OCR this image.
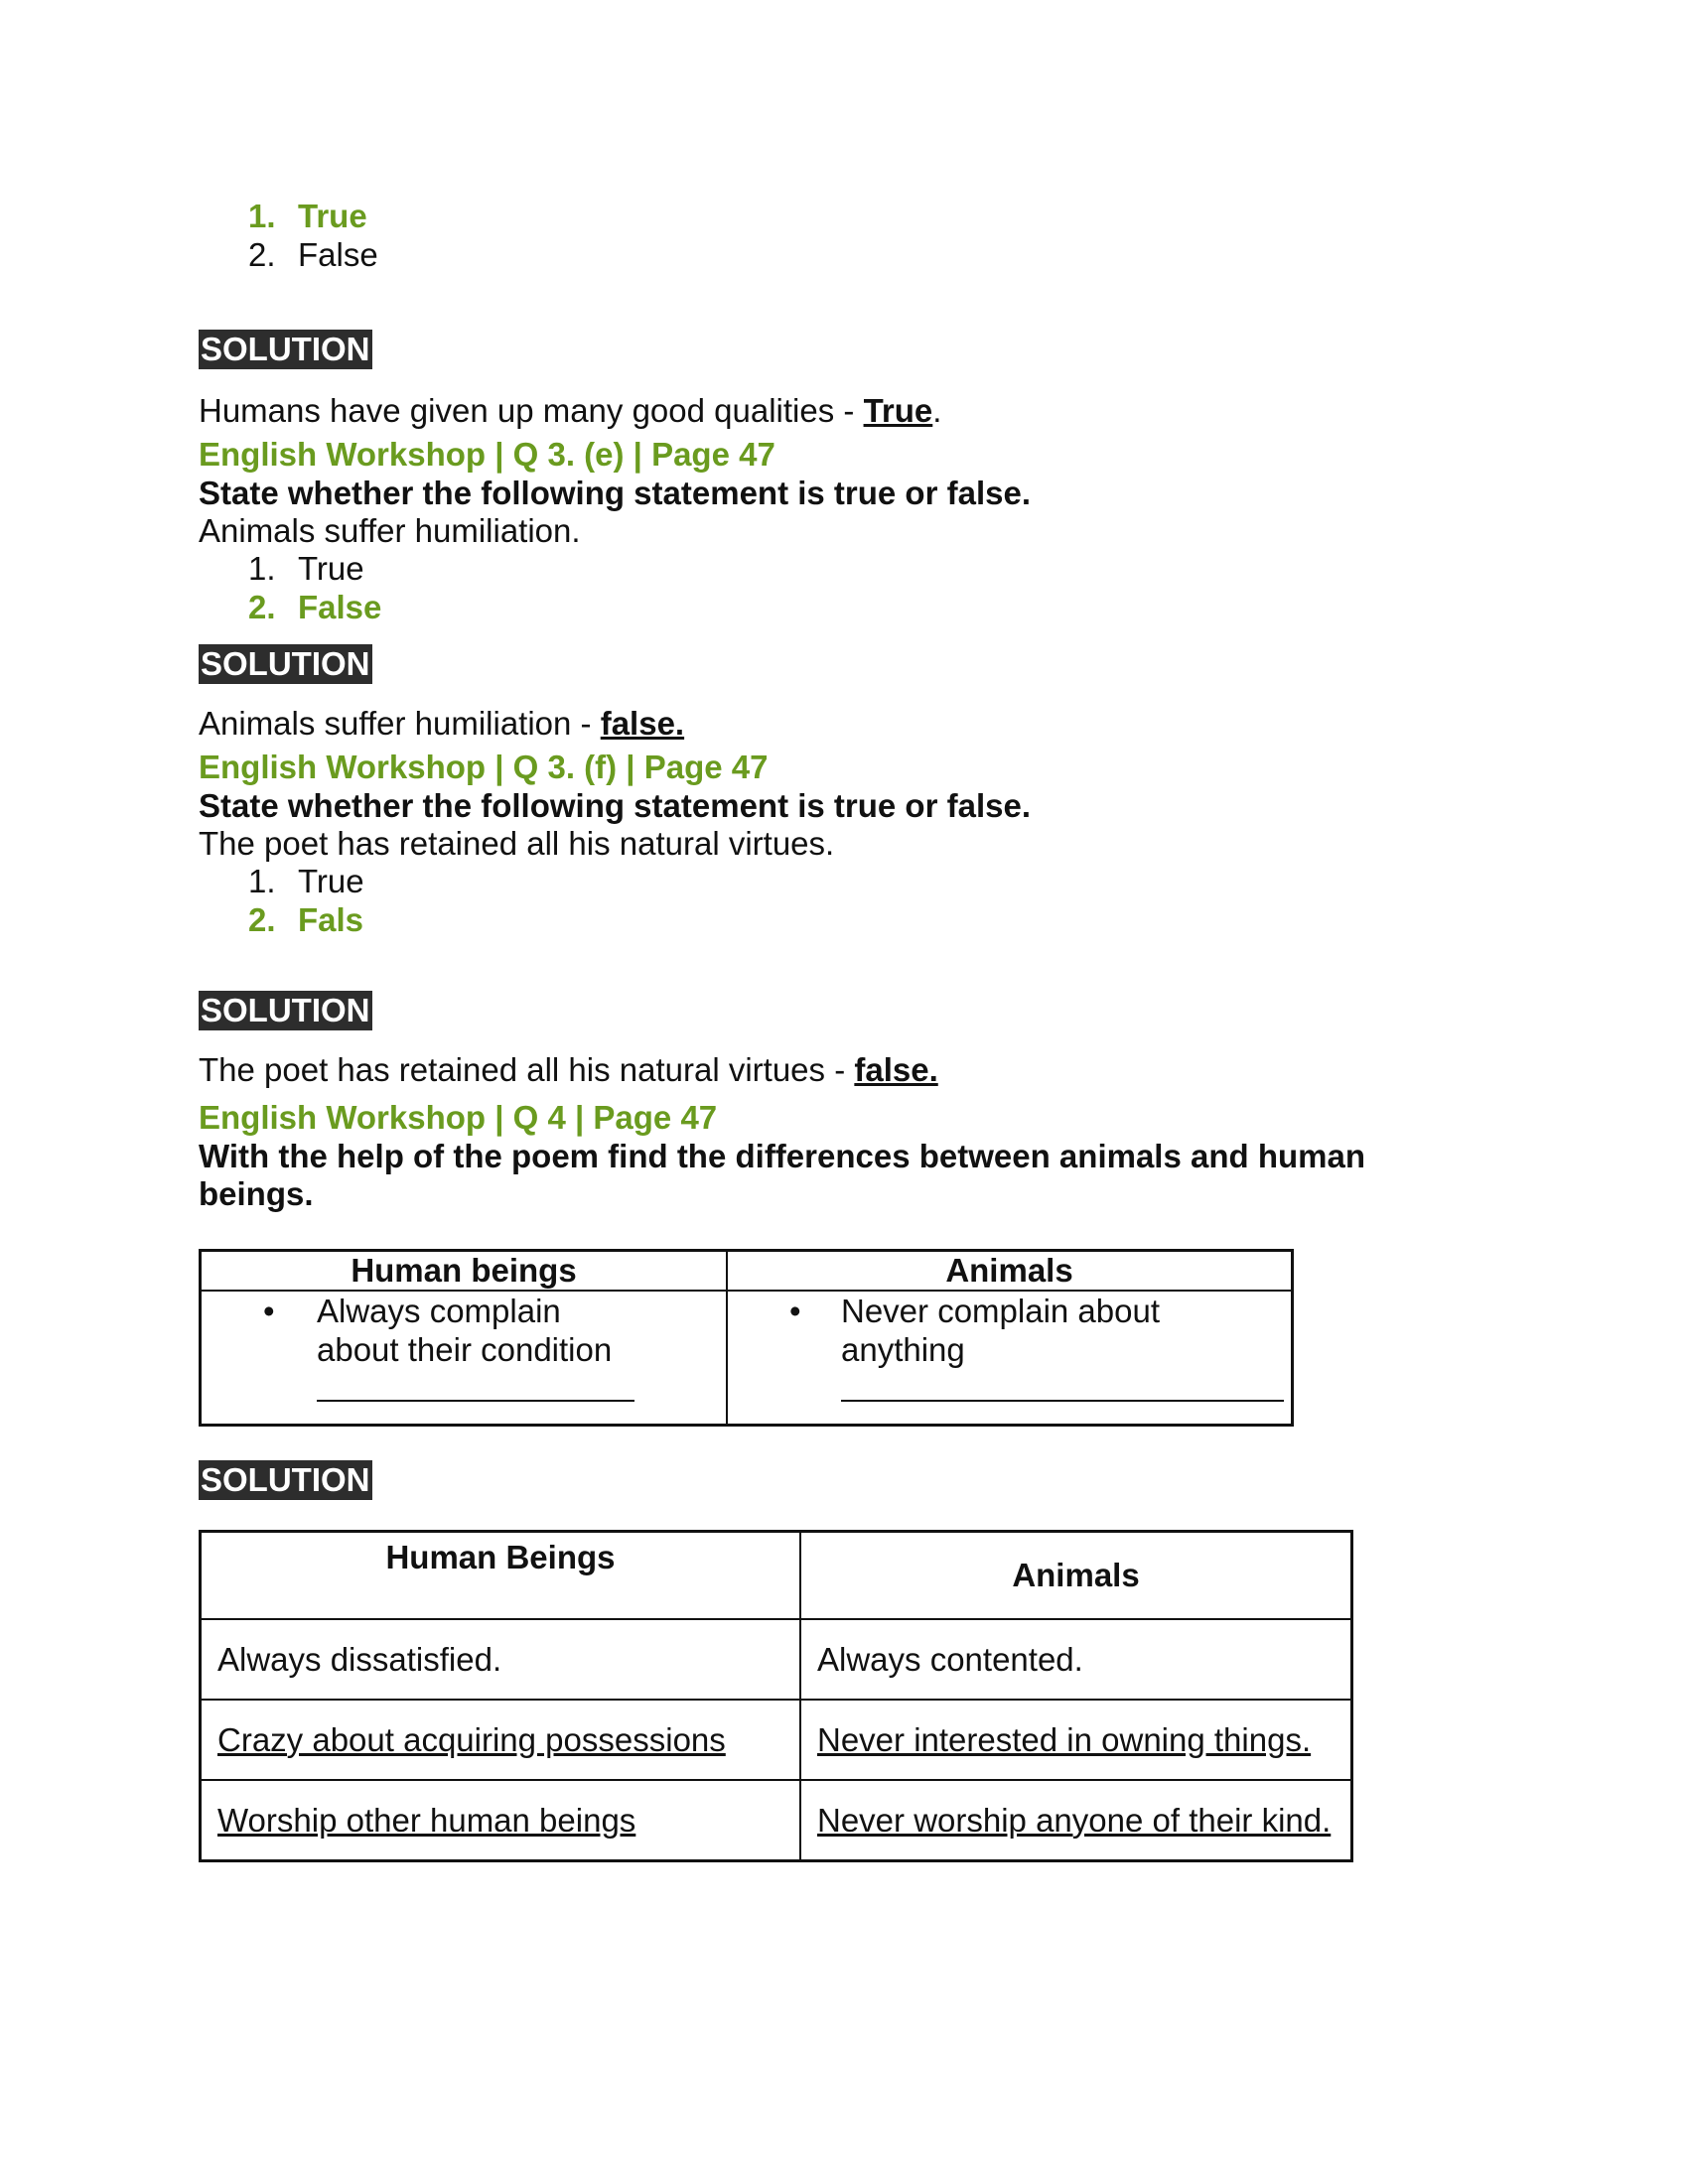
1. True
2. False
SOLUTION
Humans have given up many good qualities - True.
English Workshop | Q 3. (e) | Page 47
State whether the following statement is true or false.
Animals suffer humiliation.
1. True
2. False
SOLUTION
Animals suffer humiliation - false.
English Workshop | Q 3. (f) | Page 47
State whether the following statement is true or false.
The poet has retained all his natural virtues.
1. True
2. Fals
SOLUTION
The poet has retained all his natural virtues - false.
English Workshop | Q 4 | Page 47
With the help of the poem find the differences between animals and human beings.
Human beings	Animals

• Always complain about their condition	• Never complain about anything
SOLUTION
Human Beings	Animals
Always dissatisfied.	Always contented.
Crazy about acquiring possessions	Never interested in owning things.
Worship other human beings	Never worship anyone of their kind.
